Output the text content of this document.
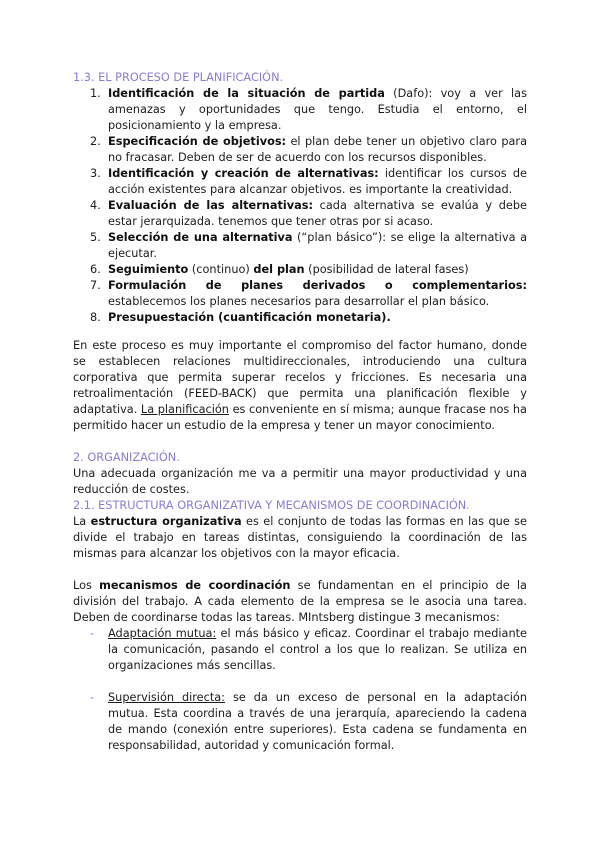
1.3. EL PROCESO DE PLANIFICACIÓN.

1. Identificación de la situación de partida (Dafo): voy a ver las amenazas y oportunidades que tengo. Estudia el entorno, el posicionamiento y la empresa.
2. Especificación de objetivos: el plan debe tener un objetivo claro para no fracasar. Deben de ser de acuerdo con los recursos disponibles.
3. Identificación y creación de alternativas: identificar los cursos de acción existentes para alcanzar objetivos. es importante la creatividad.
4. Evaluación de las alternativas: cada alternativa se evalúa y debe estar jerarquizada. tenemos que tener otras por si acaso.
5. Selección de una alternativa (“plan básico”): se elige la alternativa a ejecutar.
6. Seguimiento (continuo) del plan (posibilidad de lateral fases)
7. Formulación de planes derivados o complementarios: establecemos los planes necesarios para desarrollar el plan básico.
8. Presupuestación (cuantificación monetaria).

En este proceso es muy importante el compromiso del factor humano, donde se establecen relaciones multidireccionales, introduciendo una cultura corporativa que permita superar recelos y fricciones. Es necesaria una retroalimentación (FEED-BACK) que permita una planificación flexible y adaptativa. La planificación es conveniente en sí misma; aunque fracase nos ha permitido hacer un estudio de la empresa y tener un mayor conocimiento.

2. ORGANIZACIÓN.

Una adecuada organización me va a permitir una mayor productividad y una reducción de costes.

2.1. ESTRUCTURA ORGANIZATIVA Y MECANISMOS DE COORDINACIÓN.

La estructura organizativa es el conjunto de todas las formas en las que se divide el trabajo en tareas distintas, consiguiendo la coordinación de las mismas para alcanzar los objetivos con la mayor eficacia.

Los mecanismos de coordinación se fundamentan en el principio de la división del trabajo. A cada elemento de la empresa se le asocia una tarea. Deben de coordinarse todas las tareas. MIntsberg distingue 3 mecanismos:

- Adaptación mutua: el más básico y eficaz. Coordinar el trabajo mediante la comunicación, pasando el control a los que lo realizan. Se utiliza en organizaciones más sencillas.
- Supervisión directa: se da un exceso de personal en la adaptación mutua. Esta coordina a través de una jerarquía, apareciendo la cadena de mando (conexión entre superiores). Esta cadena se fundamenta en responsabilidad, autoridad y comunicación formal.
